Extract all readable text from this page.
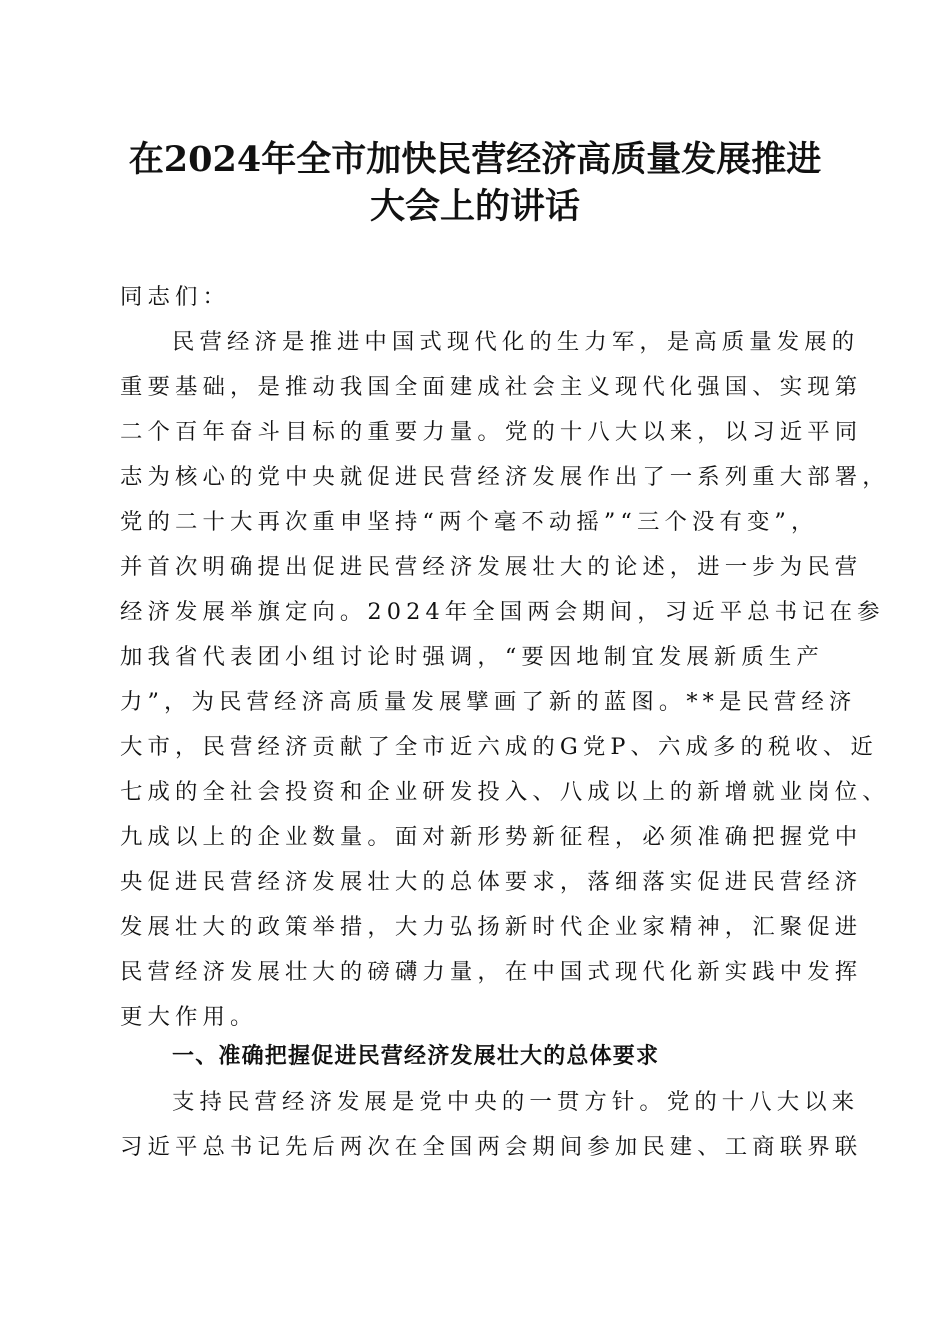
在2024年全市加快民营经济高质量发展推进
大会上的讲话

同志们：

民营经济是推进中国式现代化的生力军，是高质量发展的

重要基础，是推动我国全面建成社会主义现代化强国、实现第

二个百年奋斗目标的重要力量。党的十八大以来，以习近平同

志为核心的党中央就促进民营经济发展作出了一系列重大部署，

党的二十大再次重申坚持“两个毫不动摇”“三个没有变”，

并首次明确提出促进民营经济发展壮大的论述，进一步为民营

经济发展举旗定向。2024年全国两会期间，习近平总书记在参

加我省代表团小组讨论时强调，“要因地制宜发展新质生产

力”，为民营经济高质量发展擘画了新的蓝图。**是民营经济

大市，民营经济贡献了全市近六成的G党P、六成多的税收、近

七成的全社会投资和企业研发投入、八成以上的新增就业岗位、

九成以上的企业数量。面对新形势新征程，必须准确把握党中

央促进民营经济发展壮大的总体要求，落细落实促进民营经济

发展壮大的政策举措，大力弘扬新时代企业家精神，汇聚促进

民营经济发展壮大的磅礴力量，在中国式现代化新实践中发挥

更大作用。

一、准确把握促进民营经济发展壮大的总体要求

支持民营经济发展是党中央的一贯方针。党的十八大以来

习近平总书记先后两次在全国两会期间参加民建、工商联界联
